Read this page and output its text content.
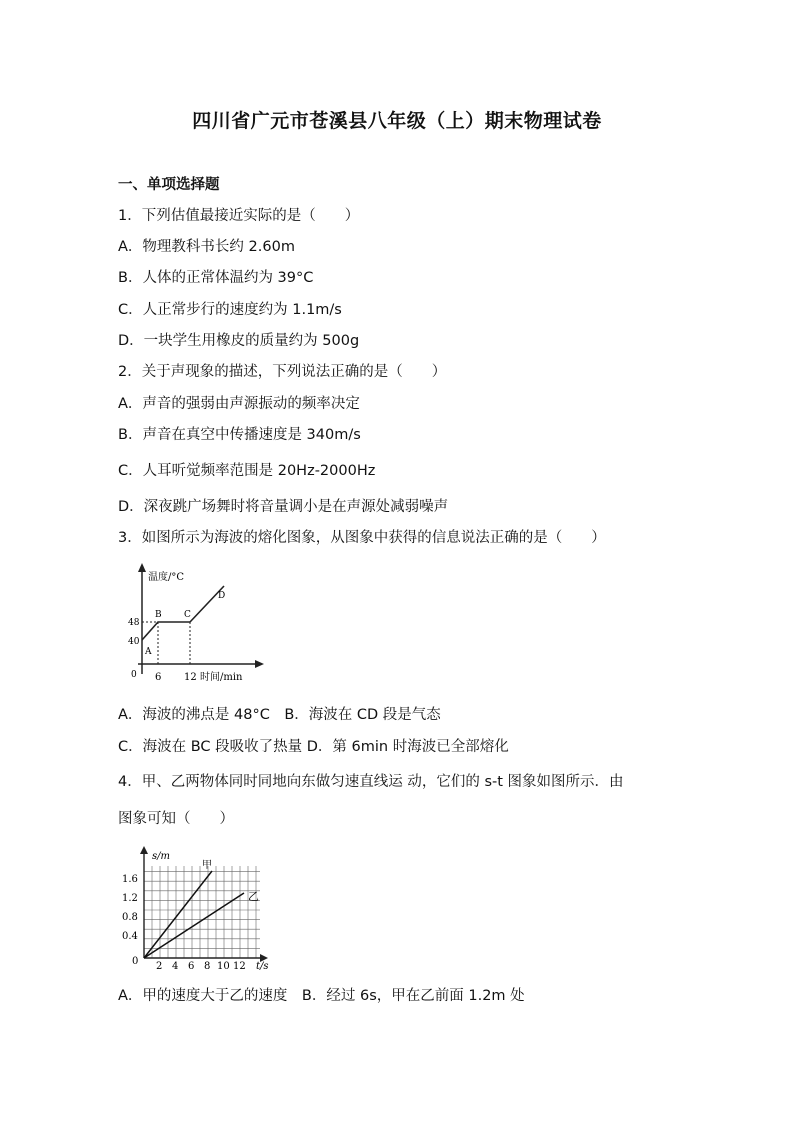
四川省广元市苍溪县八年级（上）期末物理试卷
一、单项选择题
1．下列估值最接近实际的是（　　）
A．物理教科书长约 2.60m
B．人体的正常体温约为 39°C
C．人正常步行的速度约为 1.1m/s
D．一块学生用橡皮的质量约为 500g
2．关于声现象的描述，下列说法正确的是（　　）
A．声音的强弱由声源振动的频率决定
B．声音在真空中传播速度是 340m/s
C．人耳听觉频率范围是 20Hz-2000Hz
D．深夜跳广场舞时将音量调小是在声源处减弱噪声
3．如图所示为海波的熔化图象，从图象中获得的信息说法正确的是（　　）
温度/°C
48
40
0 6 12 时间/min
A
B C
D
A．海波的沸点是 48°C　B．海波在 CD 段是气态
C．海波在 BC 段吸收了热量 D．第 6min 时海波已全部熔化
4．甲、乙两物体同时同地向东做匀速直线运 动，它们的 s-t 图象如图所示．由
图象可知（　　）
s/m
甲
乙
1.6
1.2
0.8
0.4
0 2 4 6 8 10 12 t/s
A．甲的速度大于乙的速度　B．经过 6s，甲在乙前面 1.2m 处
